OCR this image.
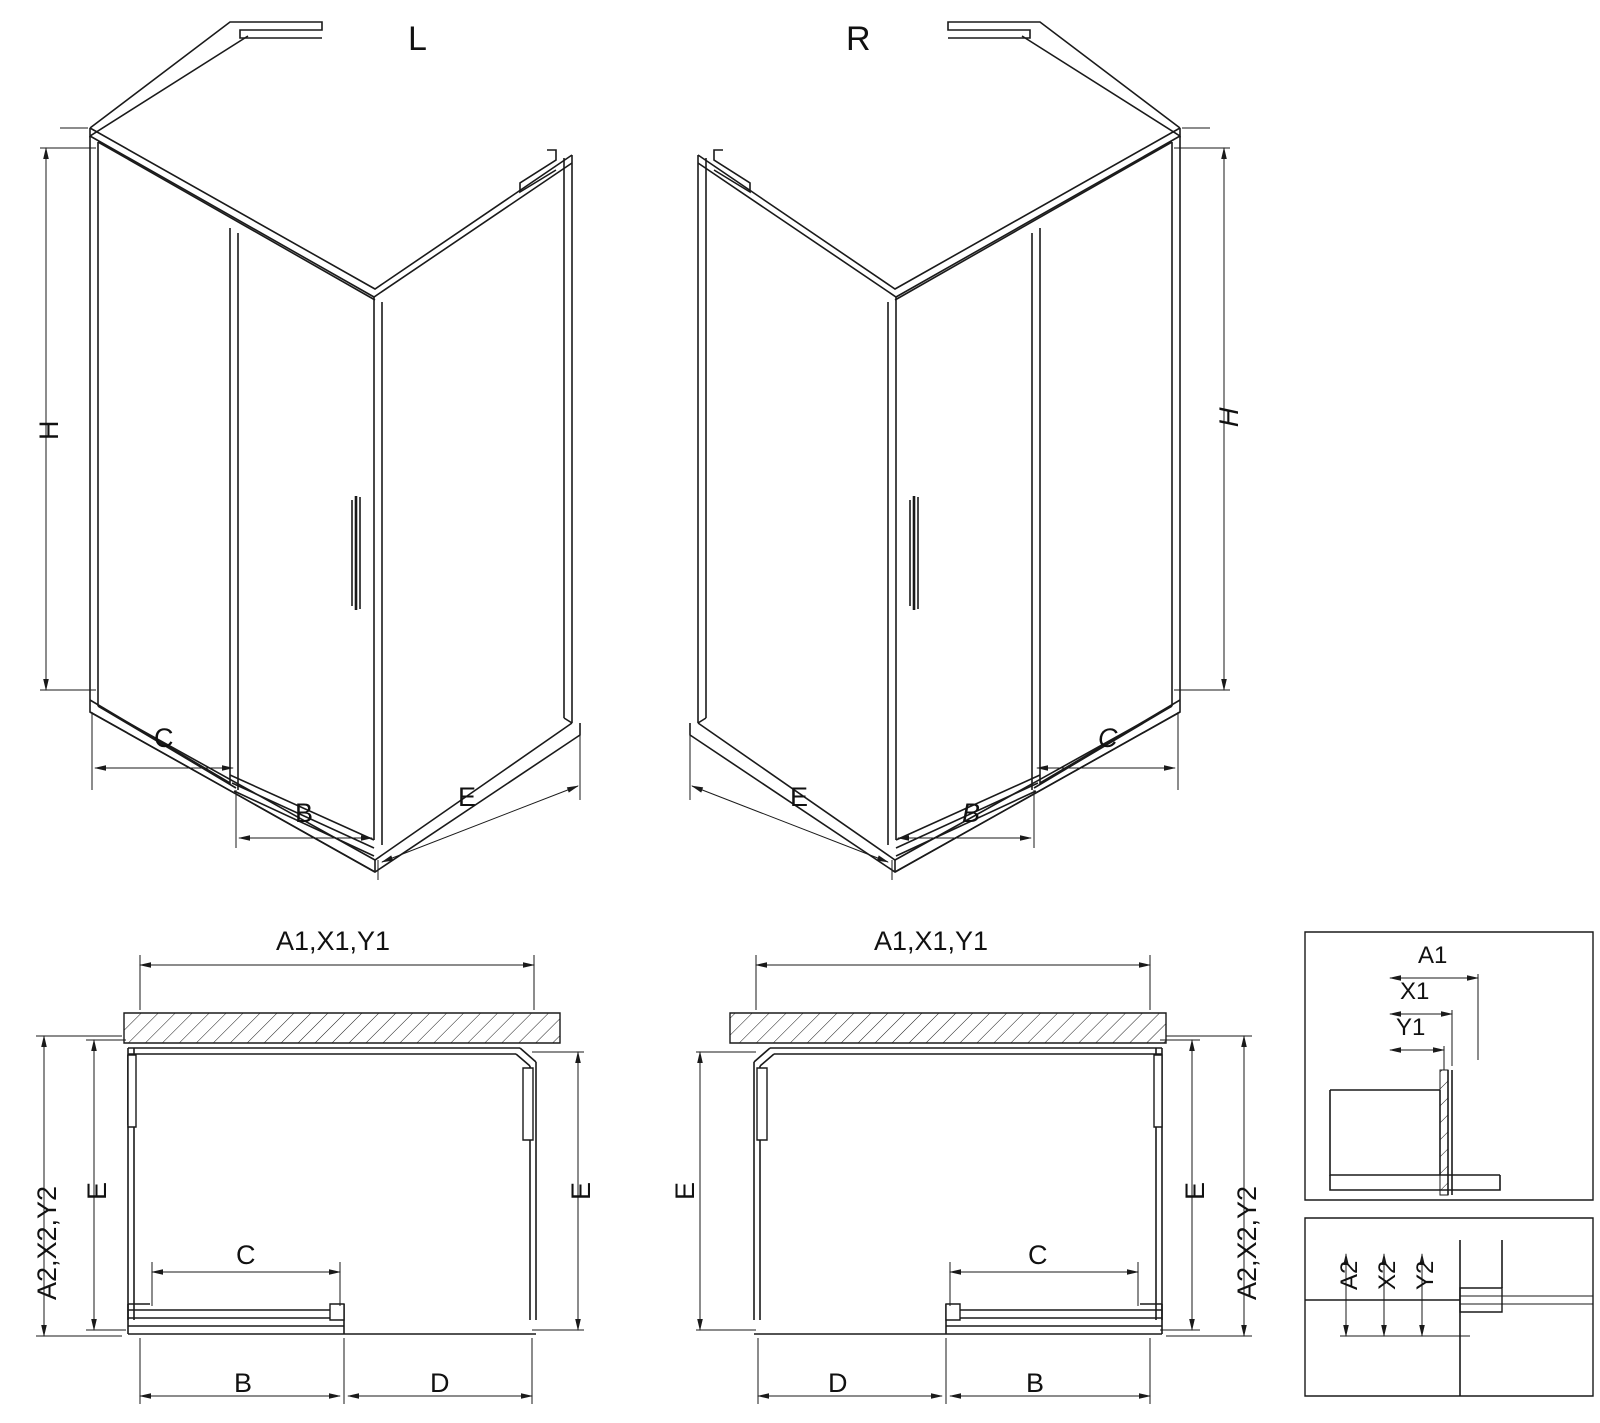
L	R
H
C
B
E
H
C
B
E
A1,X1,Y1
A2,X2,Y2 E	E
C
B	D
A1,X1,Y1
E	E A2,X2,Y2
C
D	B
A1
X1
Y1
A2 X2 Y2
